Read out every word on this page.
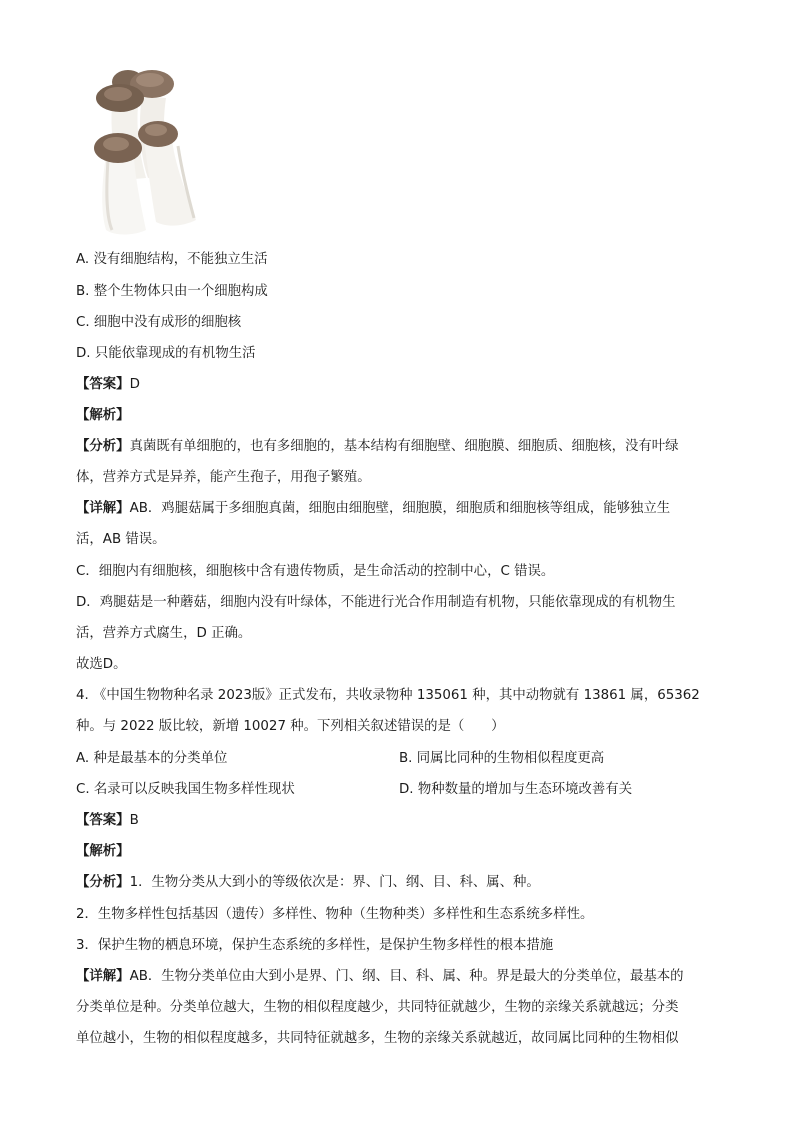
A. 没有细胞结构，不能独立生活
B. 整个生物体只由一个细胞构成
C. 细胞中没有成形的细胞核
D. 只能依靠现成的有机物生活
【答案】D
【解析】
【分析】真菌既有单细胞的，也有多细胞的，基本结构有细胞壁、细胞膜、细胞质、细胞核，没有叶绿
体，营养方式是异养，能产生孢子，用孢子繁殖。
【详解】AB．鸡腿菇属于多细胞真菌，细胞由细胞壁，细胞膜，细胞质和细胞核等组成，能够独立生
活，AB 错误。
C．细胞内有细胞核，细胞核中含有遗传物质，是生命活动的控制中心，C 错误。
D．鸡腿菇是一种蘑菇，细胞内没有叶绿体，不能进行光合作用制造有机物，只能依靠现成的有机物生
活，营养方式腐生，D 正确。
故选D。
4. 《中国生物物种名录 2023版》正式发布，共收录物种 135061 种，其中动物就有 13861 属，65362
种。与 2022 版比较，新增 10027 种。下列相关叙述错误的是（　　）
A. 种是最基本的分类单位	B. 同属比同种的生物相似程度更高
C. 名录可以反映我国生物多样性现状	D. 物种数量的增加与生态环境改善有关
【答案】B
【解析】
【分析】1．生物分类从大到小的等级依次是：界、门、纲、目、科、属、种。
2．生物多样性包括基因（遗传）多样性、物种（生物种类）多样性和生态系统多样性。
3．保护生物的栖息环境，保护生态系统的多样性，是保护生物多样性的根本措施
【详解】AB．生物分类单位由大到小是界、门、纲、目、科、属、种。界是最大的分类单位，最基本的
分类单位是种。分类单位越大，生物的相似程度越少，共同特征就越少，生物的亲缘关系就越远；分类
单位越小，生物的相似程度越多，共同特征就越多，生物的亲缘关系就越近，故同属比同种的生物相似
